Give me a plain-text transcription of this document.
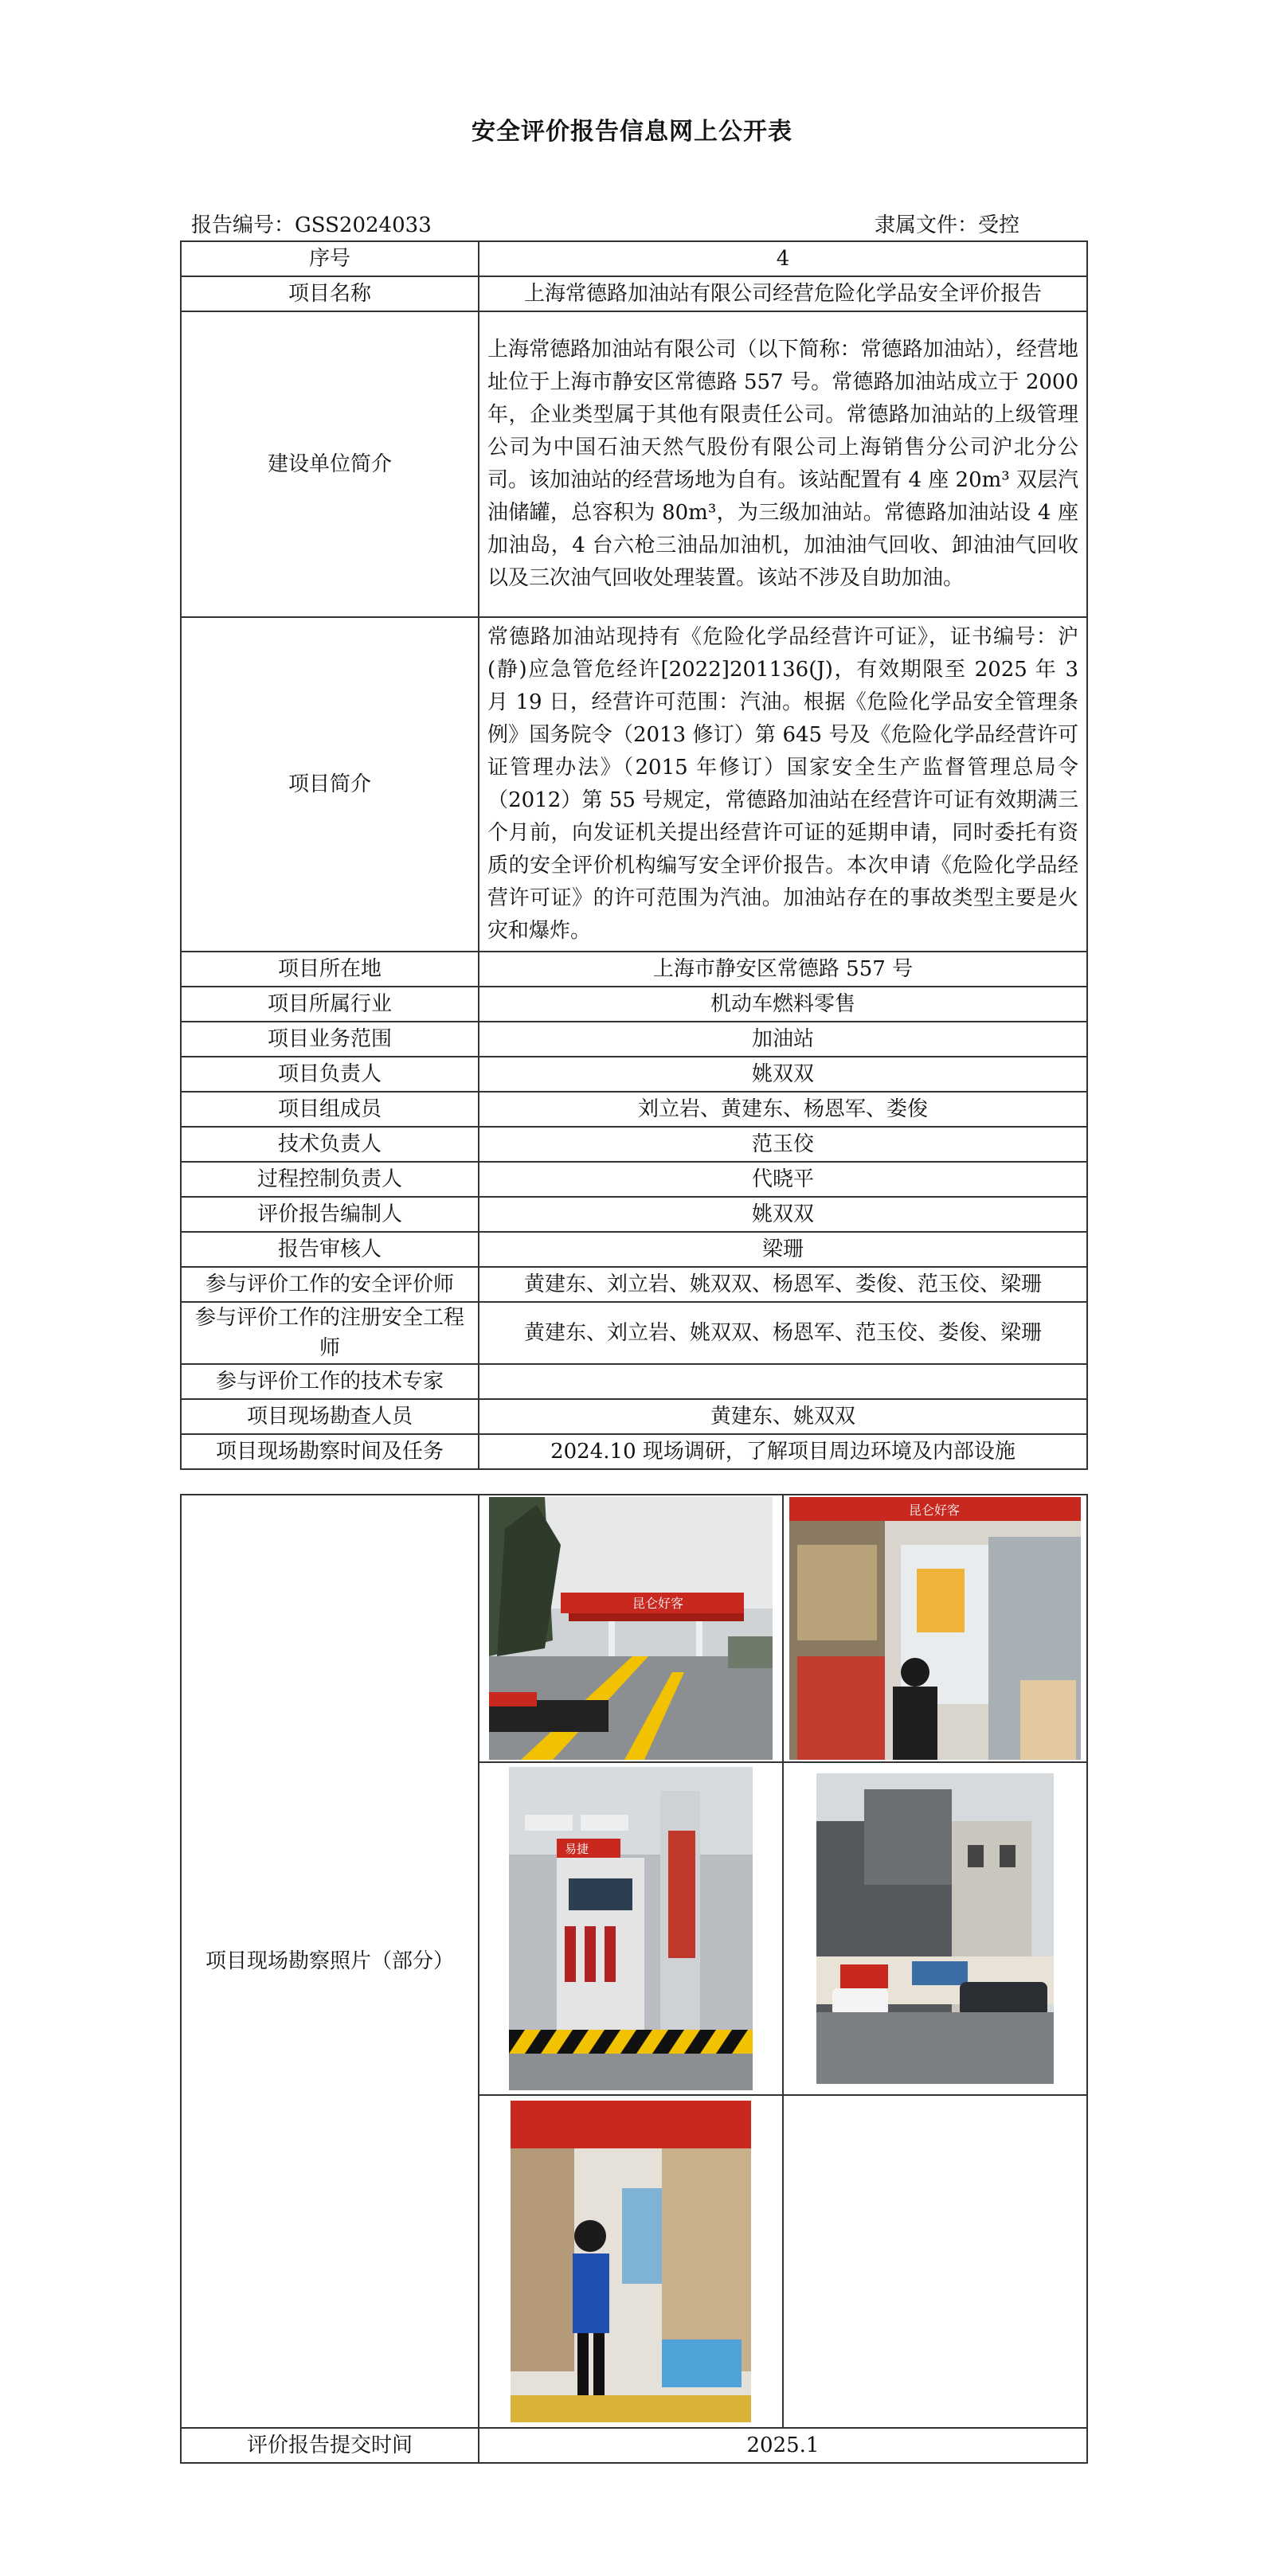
安全评价报告信息网上公开表
报告编号：GSS2024033	隶属文件：受控
序号	4
项目名称	上海常德路加油站有限公司经营危险化学品安全评价报告
建设单位简介	上海常德路加油站有限公司（以下简称：常德路加油站），经营地址位于上海市静安区常德路 557 号。常德路加油站成立于 2000 年，企业类型属于其他有限责任公司。常德路加油站的上级管理公司为中国石油天然气股份有限公司上海销售分公司沪北分公司。该加油站的经营场地为自有。该站配置有 4 座 20m³ 双层汽油储罐，总容积为 80m³，为三级加油站。常德路加油站设 4 座加油岛，4 台六枪三油品加油机，加油油气回收、卸油油气回收以及三次油气回收处理装置。该站不涉及自助加油。
项目简介	常德路加油站现持有《危险化学品经营许可证》，证书编号：沪(静)应急管危经许[2022]201136(J)，有效期限至 2025 年 3 月 19 日，经营许可范围：汽油。根据《危险化学品安全管理条例》国务院令（2013 修订）第 645 号及《危险化学品经营许可证管理办法》（2015 年修订）国家安全生产监督管理总局令（2012）第 55 号规定，常德路加油站在经营许可证有效期满三个月前，向发证机关提出经营许可证的延期申请，同时委托有资质的安全评价机构编写安全评价报告。本次申请《危险化学品经营许可证》的许可范围为汽油。加油站存在的事故类型主要是火灾和爆炸。
项目所在地	上海市静安区常德路 557 号
项目所属行业	机动车燃料零售
项目业务范围	加油站
项目负责人	姚双双
项目组成员	刘立岩、黄建东、杨恩军、娄俊
技术负责人	范玉佼
过程控制负责人	代晓平
评价报告编制人	姚双双
报告审核人	梁珊
参与评价工作的安全评价师	黄建东、刘立岩、姚双双、杨恩军、娄俊、范玉佼、梁珊
参与评价工作的注册安全工程师	黄建东、刘立岩、姚双双、杨恩军、范玉佼、娄俊、梁珊
参与评价工作的技术专家	
项目现场勘查人员	黄建东、姚双双
项目现场勘察时间及任务	2024.10 现场调研，了解项目周边环境及内部设施
项目现场勘察照片（部分）	昆仑好客	昆仑好客

易捷

评价报告提交时间	2025.1	
